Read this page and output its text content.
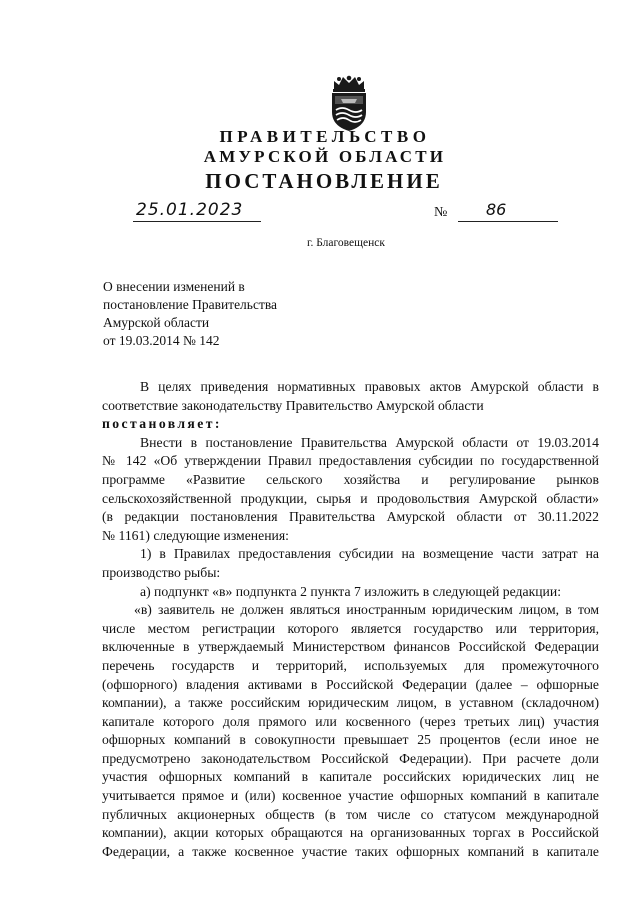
ПРАВИТЕЛЬСТВО
АМУРСКОЙ ОБЛАСТИ
ПОСТАНОВЛЕНИЕ
25.01.2023	№ 86
г. Благовещенск
О внесении изменений в
постановление Правительства
Амурской области
от 19.03.2014 № 142
В целях приведения нормативных правовых актов Амурской области в
соответствие законодательству Правительство Амурской области
постановляет:
Внести в постановление Правительства Амурской области от 19.03.2014
№ 142 «Об утверждении Правил предоставления субсидии по государственной
программе «Развитие сельского хозяйства и регулирование рынков
сельскохозяйственной продукции, сырья и продовольствия Амурской области»
(в редакции постановления Правительства Амурской области от 30.11.2022
№ 1161) следующие изменения:
1) в Правилах предоставления субсидии на возмещение части затрат на
производство рыбы:
а) подпункт «в» подпункта 2 пункта 7 изложить в следующей редакции:
«в) заявитель не должен являться иностранным юридическим лицом, в том
числе местом регистрации которого является государство или территория,
включенные в утверждаемый Министерством финансов Российской Федерации
перечень государств и территорий, используемых для промежуточного
(офшорного) владения активами в Российской Федерации (далее – офшорные
компании), а также российским юридическим лицом, в уставном (складочном)
капитале которого доля прямого или косвенного (через третьих лиц) участия
офшорных компаний в совокупности превышает 25 процентов (если иное не
предусмотрено законодательством Российской Федерации). При расчете доли
участия офшорных компаний в капитале российских юридических лиц не
учитывается прямое и (или) косвенное участие офшорных компаний в капитале
публичных акционерных обществ (в том числе со статусом международной
компании), акции которых обращаются на организованных торгах в Российской
Федерации, а также косвенное участие таких офшорных компаний в капитале
